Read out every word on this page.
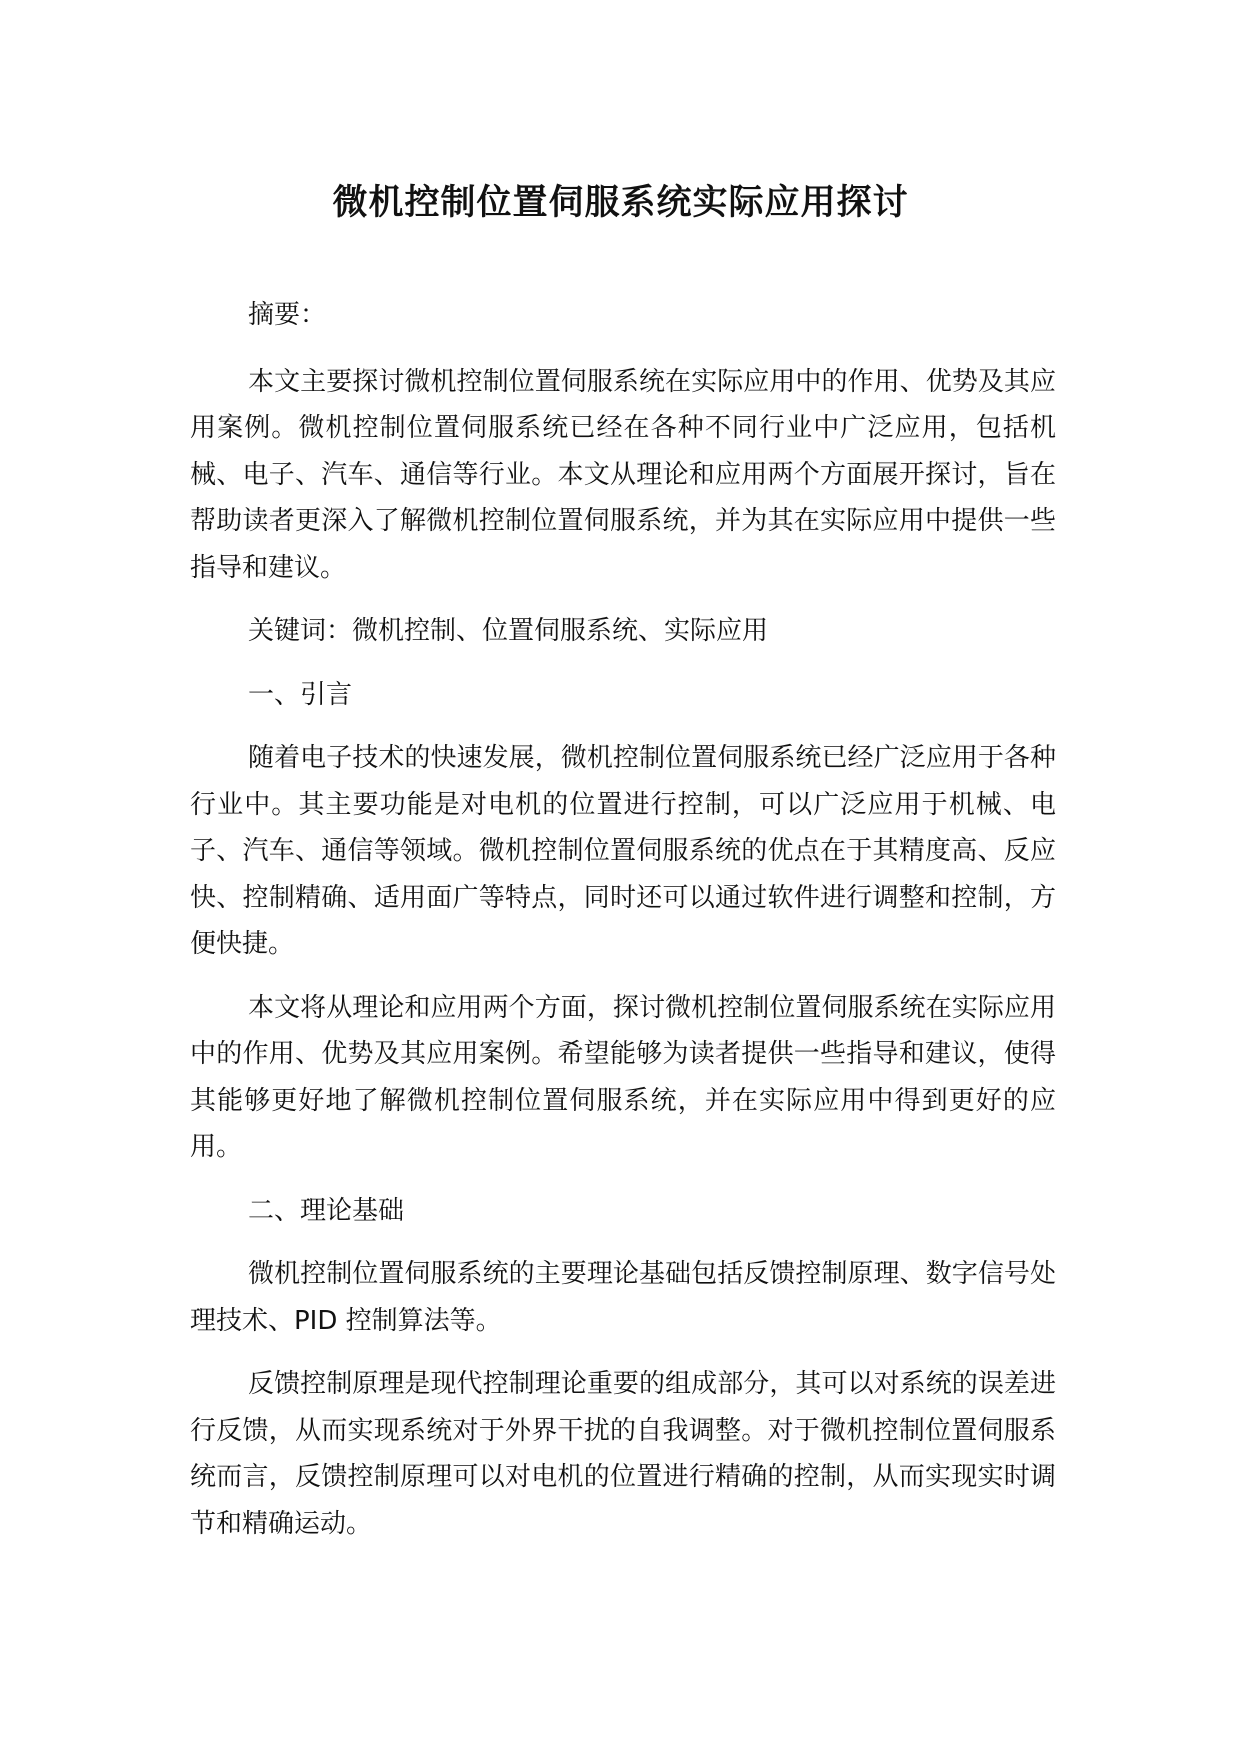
微机控制位置伺服系统实际应用探讨

摘要：

本文主要探讨微机控制位置伺服系统在实际应用中的作用、优势及其应用案例。微机控制位置伺服系统已经在各种不同行业中广泛应用，包括机械、电子、汽车、通信等行业。本文从理论和应用两个方面展开探讨，旨在帮助读者更深入了解微机控制位置伺服系统，并为其在实际应用中提供一些指导和建议。

关键词：微机控制、位置伺服系统、实际应用

一、引言

随着电子技术的快速发展，微机控制位置伺服系统已经广泛应用于各种行业中。其主要功能是对电机的位置进行控制，可以广泛应用于机械、电子、汽车、通信等领域。微机控制位置伺服系统的优点在于其精度高、反应快、控制精确、适用面广等特点，同时还可以通过软件进行调整和控制，方便快捷。

本文将从理论和应用两个方面，探讨微机控制位置伺服系统在实际应用中的作用、优势及其应用案例。希望能够为读者提供一些指导和建议，使得其能够更好地了解微机控制位置伺服系统，并在实际应用中得到更好的应用。

二、理论基础

微机控制位置伺服系统的主要理论基础包括反馈控制原理、数字信号处理技术、PID 控制算法等。

反馈控制原理是现代控制理论重要的组成部分，其可以对系统的误差进行反馈，从而实现系统对于外界干扰的自我调整。对于微机控制位置伺服系统而言，反馈控制原理可以对电机的位置进行精确的控制，从而实现实时调节和精确运动。
